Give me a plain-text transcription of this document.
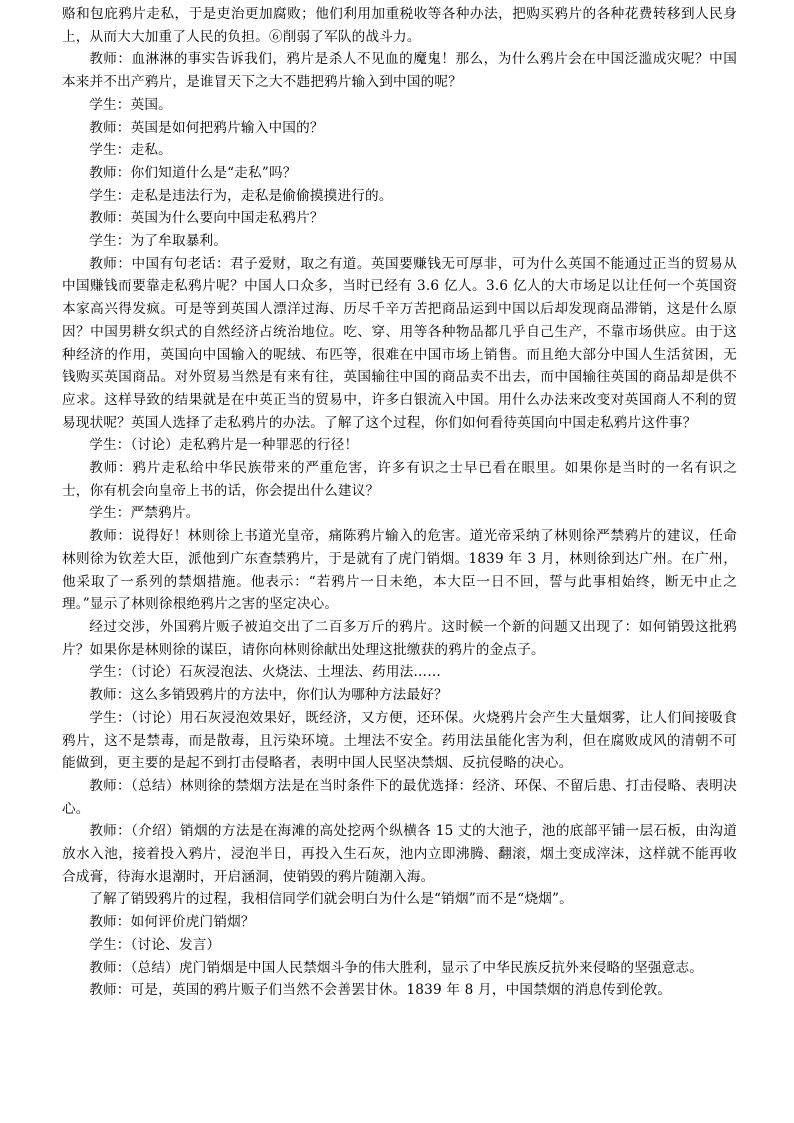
赂和包庇鸦片走私，于是吏治更加腐败；他们利用加重税收等各种办法，把购买鸦片的各种花费转移到人民身上，从而大大加重了人民的负担。⑥削弱了军队的战斗力。

教师：血淋淋的事实告诉我们，鸦片是杀人不见血的魔鬼！那么，为什么鸦片会在中国泛滥成灾呢？中国本来并不出产鸦片，是谁冒天下之大不韪把鸦片输入到中国的呢？

学生：英国。

教师：英国是如何把鸦片输入中国的？

学生：走私。

教师：你们知道什么是“走私”吗？

学生：走私是违法行为，走私是偷偷摸摸进行的。

教师：英国为什么要向中国走私鸦片？

学生：为了牟取暴利。

教师：中国有句老话：君子爱财，取之有道。英国要赚钱无可厚非，可为什么英国不能通过正当的贸易从中国赚钱而要靠走私鸦片呢？中国人口众多，当时已经有 3.6 亿人。3.6 亿人的大市场足以让任何一个英国资本家高兴得发疯。可是等到英国人漂洋过海、历尽千辛万苦把商品运到中国以后却发现商品滞销，这是什么原因？中国男耕女织式的自然经济占统治地位。吃、穿、用等各种物品都几乎自己生产，不靠市场供应。由于这种经济的作用，英国向中国输入的呢绒、布匹等，很难在中国市场上销售。而且绝大部分中国人生活贫困，无钱购买英国商品。对外贸易当然是有来有往，英国输往中国的商品卖不出去，而中国输往英国的商品却是供不应求。这样导致的结果就是在中英正当的贸易中，许多白银流入中国。用什么办法来改变对英国商人不利的贸易现状呢？英国人选择了走私鸦片的办法。了解了这个过程，你们如何看待英国向中国走私鸦片这件事？

学生：（讨论）走私鸦片是一种罪恶的行径！

教师：鸦片走私给中华民族带来的严重危害，许多有识之士早已看在眼里。如果你是当时的一名有识之士，你有机会向皇帝上书的话，你会提出什么建议？

学生：严禁鸦片。

教师：说得好！林则徐上书道光皇帝，痛陈鸦片输入的危害。道光帝采纳了林则徐严禁鸦片的建议，任命林则徐为钦差大臣，派他到广东查禁鸦片，于是就有了虎门销烟。1839 年 3 月，林则徐到达广州。在广州，他采取了一系列的禁烟措施。他表示：“若鸦片一日未绝，本大臣一日不回，誓与此事相始终，断无中止之理。”显示了林则徐根绝鸦片之害的坚定决心。

经过交涉，外国鸦片贩子被迫交出了二百多万斤的鸦片。这时候一个新的问题又出现了：如何销毁这批鸦片？如果你是林则徐的谋臣，请你向林则徐献出处理这批缴获的鸦片的金点子。

学生：（讨论）石灰浸泡法、火烧法、土埋法、药用法……

教师：这么多销毁鸦片的方法中，你们认为哪种方法最好？

学生：（讨论）用石灰浸泡效果好，既经济，又方便，还环保。火烧鸦片会产生大量烟雾，让人们间接吸食鸦片，这不是禁毒，而是散毒，且污染环境。土埋法不安全。药用法虽能化害为利，但在腐败成风的清朝不可能做到，更主要的是起不到打击侵略者，表明中国人民坚决禁烟、反抗侵略的决心。

教师：（总结）林则徐的禁烟方法是在当时条件下的最优选择：经济、环保、不留后患、打击侵略、表明决心。

教师：（介绍）销烟的方法是在海滩的高处挖两个纵横各 15 丈的大池子，池的底部平铺一层石板，由沟道放水入池，接着投入鸦片，浸泡半日，再投入生石灰，池内立即沸腾、翻滚，烟土变成滓沫，这样就不能再收合成膏，待海水退潮时，开启涵洞，使销毁的鸦片随潮入海。

了解了销毁鸦片的过程，我相信同学们就会明白为什么是“销烟”而不是“烧烟”。

教师：如何评价虎门销烟？

学生：（讨论、发言）

教师：（总结）虎门销烟是中国人民禁烟斗争的伟大胜利，显示了中华民族反抗外来侵略的坚强意志。

教师：可是，英国的鸦片贩子们当然不会善罢甘休。1839 年 8 月，中国禁烟的消息传到伦敦。
